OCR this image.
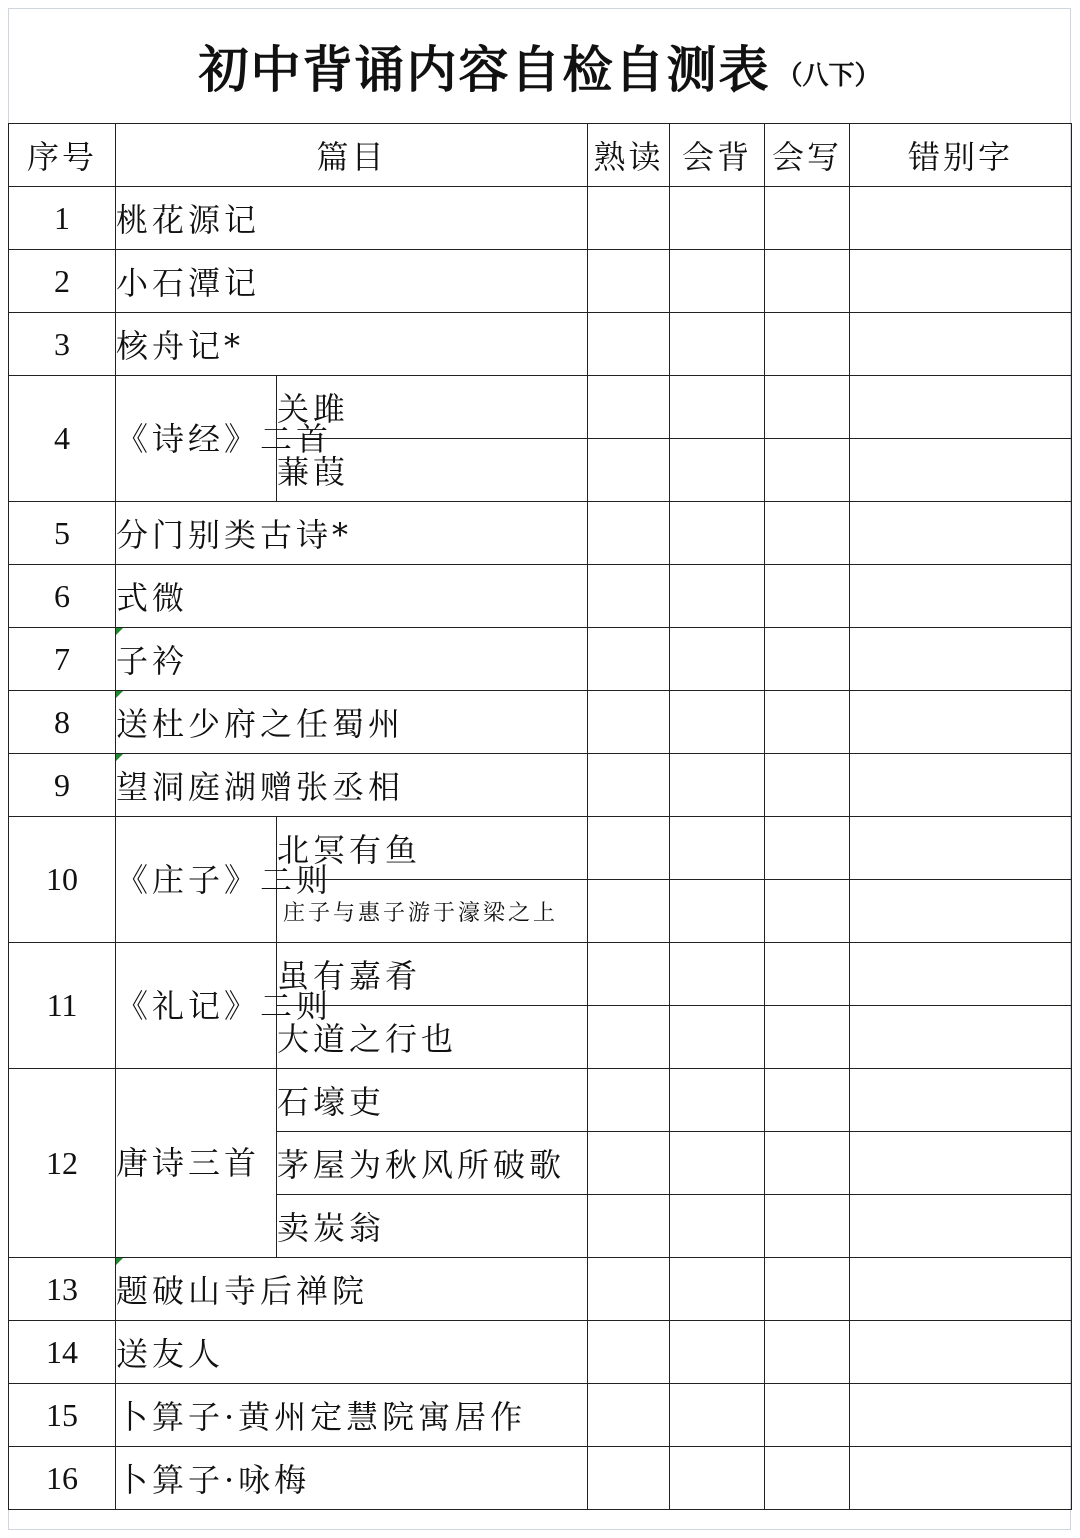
初中背诵内容自检自测表 （八下）
序号	篇目		熟读	会背	会写	错别字
1	桃花源记					
2	小石潭记					
3	核舟记*					
4	《诗经》二首	关雎				
		蒹葭				
5	分门别类古诗*					
6	式微					
7	子衿					
8	送杜少府之任蜀州					
9	望洞庭湖赠张丞相					
10	《庄子》二则	北冥有鱼				
		庄子与惠子游于濠梁之上				
11	《礼记》二则	虽有嘉肴				
		大道之行也				
12	唐诗三首	石壕吏				
		茅屋为秋风所破歌				
		卖炭翁				
13	题破山寺后禅院					
14	送友人					
15	卜算子·黄州定慧院寓居作					
16	卜算子·咏梅					
